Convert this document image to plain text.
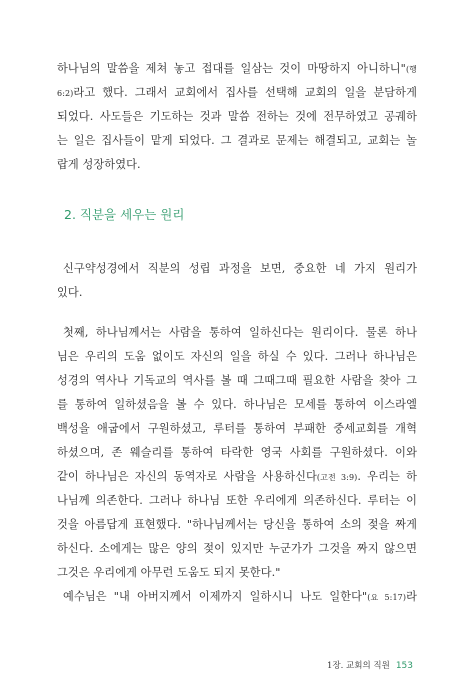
하나님의 말씀을 제쳐 놓고 접대를 일삼는 것이 마땅하지 아니하니"(행
6:2)라고 했다. 그래서 교회에서 집사를 선택해 교회의 일을 분담하게
되었다. 사도들은 기도하는 것과 말씀 전하는 것에 전무하였고 공궤하
는 일은 집사들이 맡게 되었다. 그 결과로 문제는 해결되고, 교회는 놀
랍게 성장하였다.
2. 직분을 세우는 원리
신구약성경에서 직분의 성립 과정을 보면, 중요한 네 가지 원리가
있다.
첫째, 하나님께서는 사람을 통하여 일하신다는 원리이다. 물론 하나
님은 우리의 도움 없이도 자신의 일을 하실 수 있다. 그러나 하나님은
성경의 역사나 기독교의 역사를 볼 때 그때그때 필요한 사람을 찾아 그
를 통하여 일하셨음을 볼 수 있다. 하나님은 모세를 통하여 이스라엘
백성을 애굽에서 구원하셨고, 루터를 통하여 부패한 중세교회를 개혁
하셨으며, 존 웨슬리를 통하여 타락한 영국 사회를 구원하셨다. 이와
같이 하나님은 자신의 동역자로 사람을 사용하신다(고전 3:9). 우리는 하
나님께 의존한다. 그러나 하나님 또한 우리에게 의존하신다. 루터는 이
것을 아름답게 표현했다. "하나님께서는 당신을 통하여 소의 젖을 짜게
하신다. 소에게는 많은 양의 젖이 있지만 누군가가 그것을 짜지 않으면
그것은 우리에게 아무런 도움도 되지 못한다."
예수님은 "내 아버지께서 이제까지 일하시니 나도 일한다"(요 5:17)라
1장. 교회의 직원 153
